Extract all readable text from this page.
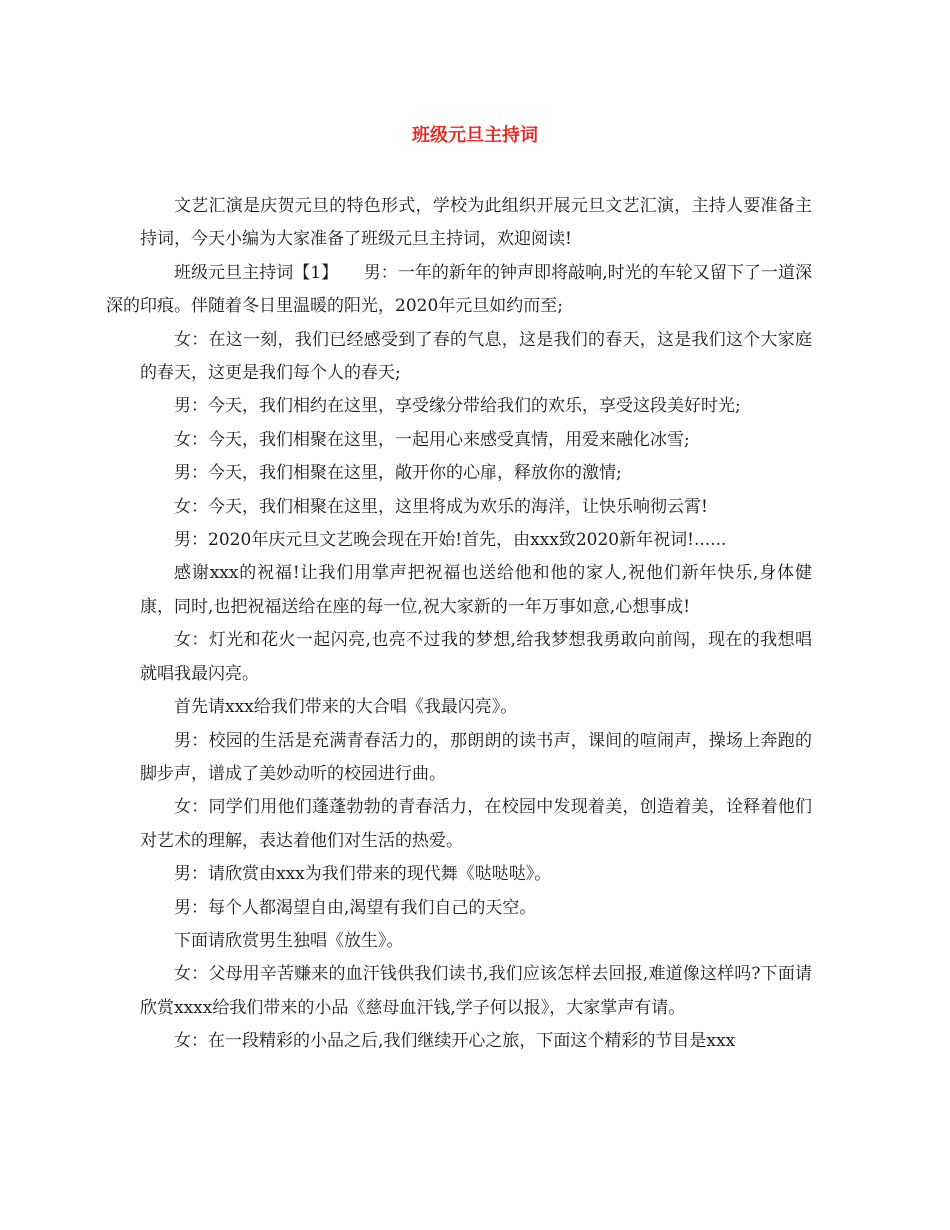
班级元旦主持词

文艺汇演是庆贺元旦的特色形式，学校为此组织开展元旦文艺汇演，主持人要准备主持词，今天小编为大家准备了班级元旦主持词，欢迎阅读!

班级元旦主持词【1】　　男：一年的新年的钟声即将敲响,时光的车轮又留下了一道深深的印痕。伴随着冬日里温暖的阳光，2020年元旦如约而至;

女：在这一刻，我们已经感受到了春的气息，这是我们的春天，这是我们这个大家庭的春天，这更是我们每个人的春天;

男：今天，我们相约在这里，享受缘分带给我们的欢乐，享受这段美好时光;

女：今天，我们相聚在这里，一起用心来感受真情，用爱来融化冰雪;

男：今天，我们相聚在这里，敞开你的心扉，释放你的激情;

女：今天，我们相聚在这里，这里将成为欢乐的海洋，让快乐响彻云霄!

男：2020年庆元旦文艺晚会现在开始!首先，由xxx致2020新年祝词!......

感谢xxx的祝福!让我们用掌声把祝福也送给他和他的家人,祝他们新年快乐,身体健康，同时,也把祝福送给在座的每一位,祝大家新的一年万事如意,心想事成!

女：灯光和花火一起闪亮,也亮不过我的梦想,给我梦想我勇敢向前闯，现在的我想唱就唱我最闪亮。

首先请xxx给我们带来的大合唱《我最闪亮》。

男：校园的生活是充满青春活力的，那朗朗的读书声，课间的喧闹声，操场上奔跑的脚步声，谱成了美妙动听的校园进行曲。

女：同学们用他们蓬蓬勃勃的青春活力，在校园中发现着美，创造着美，诠释着他们对艺术的理解，表达着他们对生活的热爱。

男：请欣赏由xxx为我们带来的现代舞《哒哒哒》。

男：每个人都渴望自由,渴望有我们自己的天空。

下面请欣赏男生独唱《放生》。

女：父母用辛苦赚来的血汗钱供我们读书,我们应该怎样去回报,难道像这样吗?下面请欣赏xxxx给我们带来的小品《慈母血汗钱,学子何以报》，大家掌声有请。

女：在一段精彩的小品之后,我们继续开心之旅，下面这个精彩的节目是xxx
